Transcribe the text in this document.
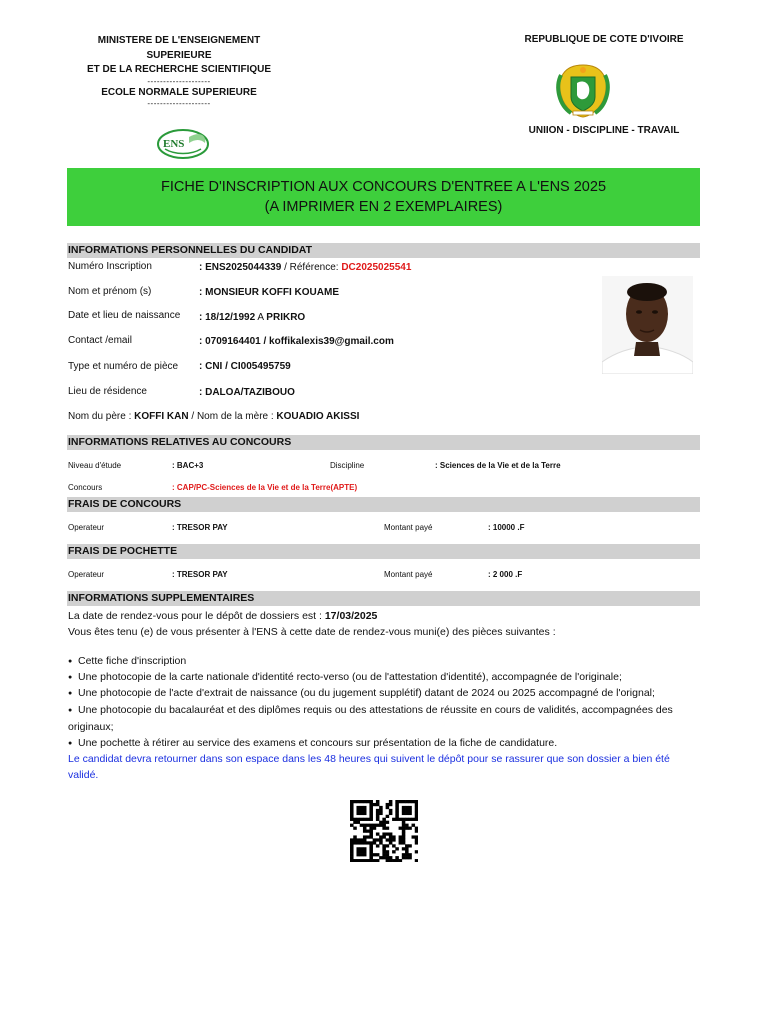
MINISTERE DE L'ENSEIGNEMENT
SUPERIEURE
ET DE LA RECHERCHE SCIENTIFIQUE
--------------------
ECOLE NORMALE SUPERIEURE
--------------------
ENS
REPUBLIQUE DE COTE D'IVOIRE
UNIION - DISCIPLINE - TRAVAIL
FICHE D'INSCRIPTION AUX CONCOURS D'ENTREE A L'ENS 2025
(A IMPRIMER EN 2 EXEMPLAIRES)
INFORMATIONS PERSONNELLES DU CANDIDAT
Numéro Inscription	: ENS2025044339 / Référence: DC2025025541
Nom et prénom (s)	: MONSIEUR KOFFI KOUAME
Date et lieu de naissance : 18/12/1992 A PRIKRO
Contact /email	: 0709164401 / koffikalexis39@gmail.com
Type et numéro de pièce : CNI / CI005495759
Lieu de résidence	: DALOA/TAZIBOUO
Nom du père : KOFFI KAN / Nom de la mère : KOUADIO AKISSI
INFORMATIONS RELATIVES AU CONCOURS
Niveau d'étude	: BAC+3	Discipline	: Sciences de la Vie et de la Terre
Concours	: CAP/PC-Sciences de la Vie et de la Terre(APTE)
FRAIS DE CONCOURS
Operateur	: TRESOR PAY	Montant payé	: 10000 .F
FRAIS DE POCHETTE
Operateur	: TRESOR PAY	Montant payé	: 2 000 .F
INFORMATIONS SUPPLEMENTAIRES
La date de rendez-vous pour le dépôt de dossiers est : 17/03/2025
Vous êtes tenu (e) de vous présenter à l'ENS à cette date de rendez-vous muni(e) des pièces suivantes :
● Cette fiche d'inscription
● Une photocopie de la carte nationale d'identité recto-verso (ou de l'attestation d'identité), accompagnée de l'originale;
● Une photocopie de l'acte d'extrait de naissance (ou du jugement supplétif) datant de 2024 ou 2025 accompagné de l'orignal;
● Une photocopie du bacalauréat et des diplômes requis ou des attestations de réussite en cours de validités, accompagnées des originaux;
● Une pochette à rétirer au service des examens et concours sur présentation de la fiche de candidature.
Le candidat devra retourner dans son espace dans les 48 heures qui suivent le dépôt pour se rassurer que son dossier a bien été validé.
